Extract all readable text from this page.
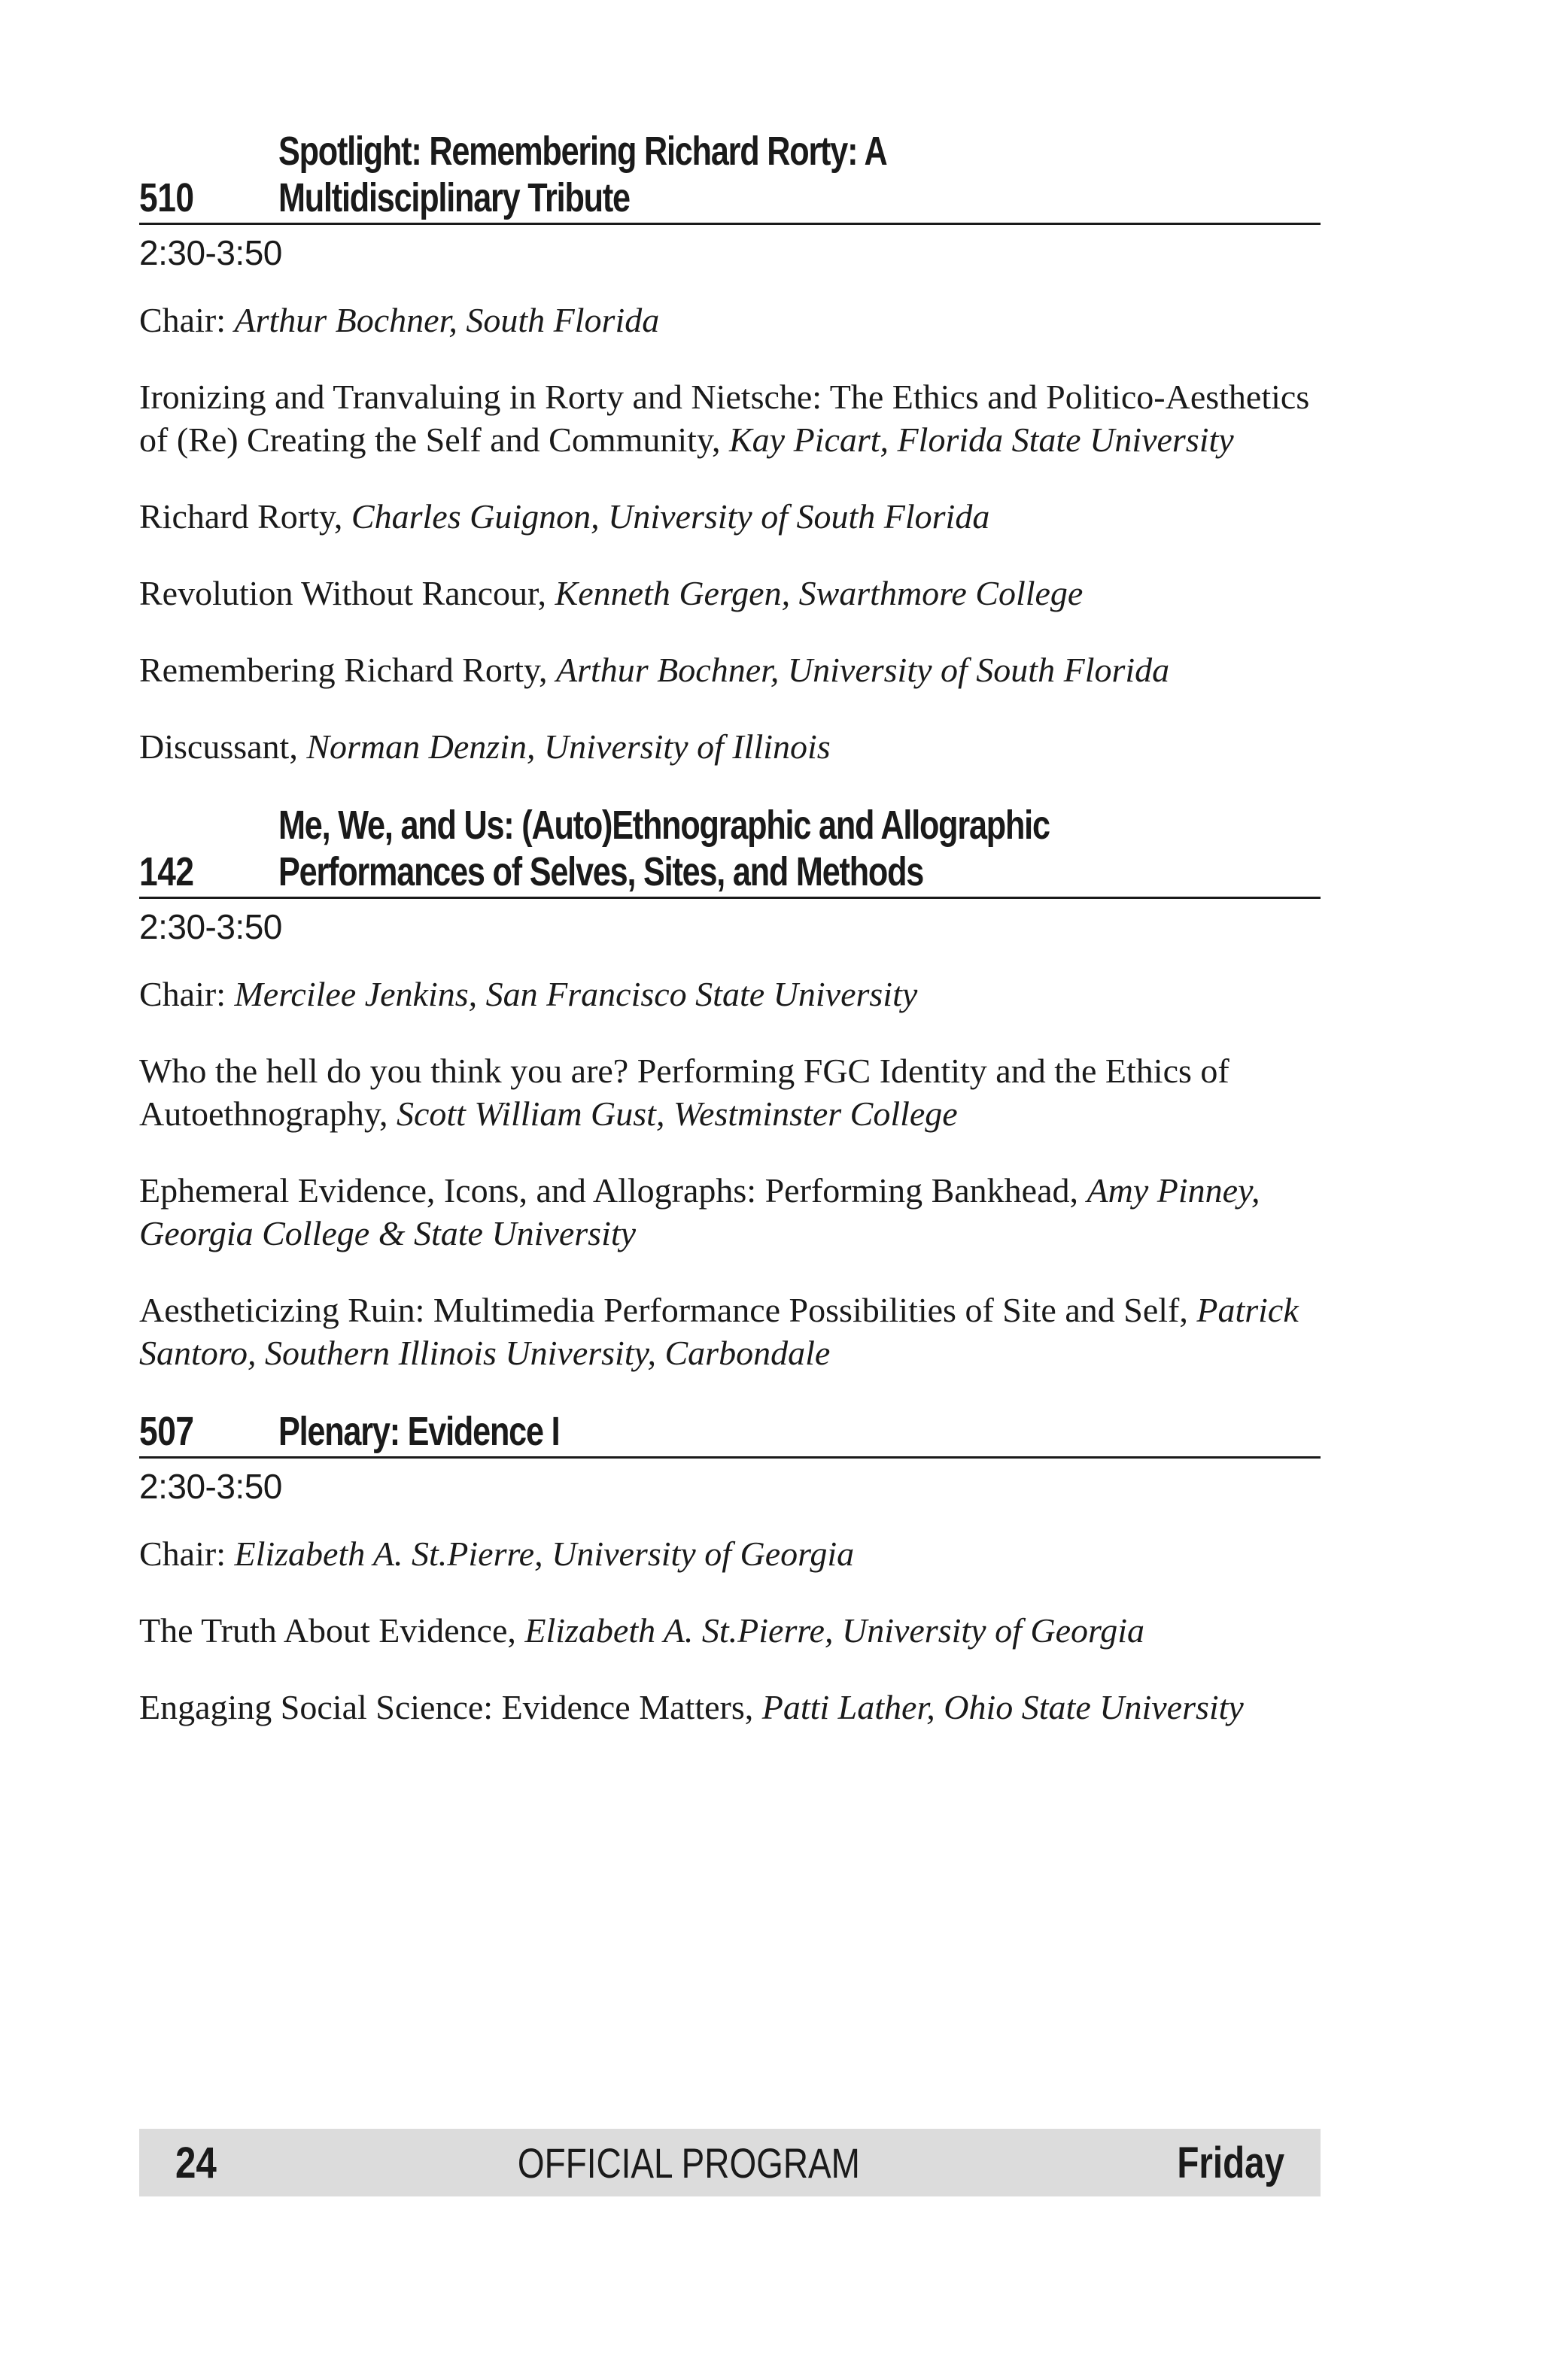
510
Spotlight: Remembering Richard Rorty: A
Multidisciplinary Tribute
2:30-3:50
Chair: Arthur Bochner, South Florida
Ironizing and Tranvaluing in Rorty and Nietsche: The Ethics and Politico-Aesthetics of (Re) Creating the Self and Community, Kay Picart, Florida State University
Richard Rorty, Charles Guignon, University of South Florida
Revolution Without Rancour, Kenneth Gergen, Swarthmore College
Remembering Richard Rorty, Arthur Bochner, University of South Florida
Discussant, Norman Denzin, University of Illinois
142
Me, We, and Us: (Auto)Ethnographic and Allographic
Performances of Selves, Sites, and Methods
2:30-3:50
Chair: Mercilee Jenkins, San Francisco State University
Who the hell do you think you are? Performing FGC Identity and the Ethics of Autoethnography, Scott William Gust, Westminster College
Ephemeral Evidence, Icons, and Allographs: Performing Bankhead, Amy Pinney, Georgia College & State University
Aestheticizing Ruin: Multimedia Performance Possibilities of Site and Self, Patrick Santoro, Southern Illinois University, Carbondale
507	Plenary: Evidence I
2:30-3:50
Chair: Elizabeth A. St.Pierre, University of Georgia
The Truth About Evidence, Elizabeth A. St.Pierre, University of Georgia
Engaging Social Science: Evidence Matters, Patti Lather, Ohio State University
24	OFFICIAL PROGRAM	Friday
